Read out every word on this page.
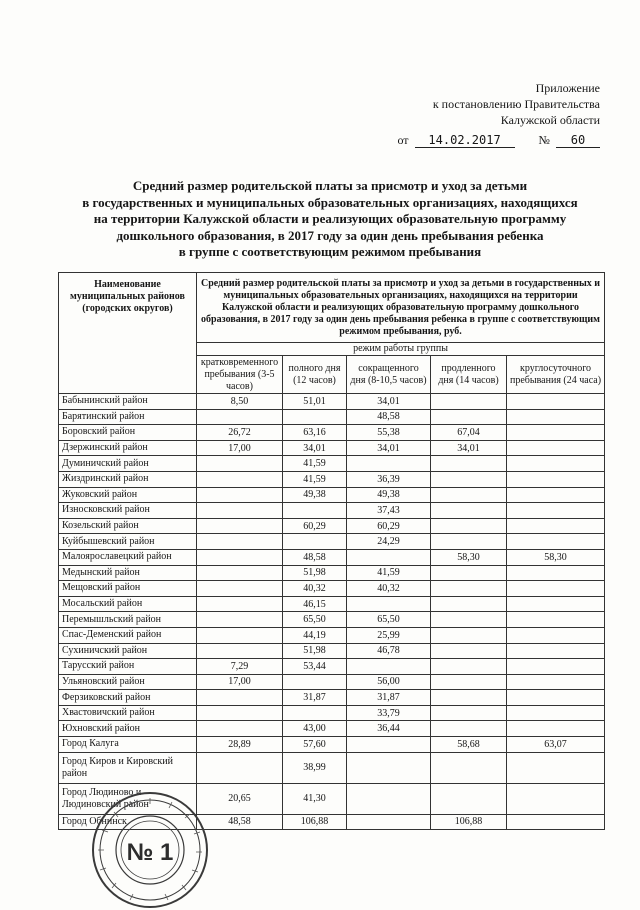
Приложение
к постановлению Правительства
Калужской области
от	14.02.2017	№	60
Средний размер родительской платы за присмотр и уход за детьми
в государственных и муниципальных образовательных организациях, находящихся
на территории Калужской области и реализующих образовательную программу
дошкольного образования, в 2017 году за один день пребывания ребенка
в группе с соответствующим режимом пребывания
Наименование муниципальных районов (городских округов)	Средний размер родительской платы за присмотр и уход за детьми в государственных и муниципальных образовательных организациях, находящихся на территории Калужской области и реализующих образовательную программу дошкольного образования, в 2017 году за один день пребывания ребенка в группе с соответствующим режимом пребывания, руб.				
	режим работы группы				
	кратковременного пребывания (3-5 часов)	полного дня (12 часов)	сокращенного дня (8-10,5 часов)	продленного дня (14 часов)	круглосуточного пребывания (24 часа)
Бабынинский район	8,50	51,01	34,01		
Барятинский район			48,58		
Боровский район	26,72	63,16	55,38	67,04	
Дзержинский район	17,00	34,01	34,01	34,01	
Думиничский район		41,59			
Жиздринский район		41,59	36,39		
Жуковский район		49,38	49,38		
Износковский район			37,43		
Козельский район		60,29	60,29		
Куйбышевский район			24,29		
Малоярославецкий район		48,58		58,30	58,30
Медынский район		51,98	41,59		
Мещовский район		40,32	40,32		
Мосальский район		46,15			
Перемышльский район		65,50	65,50		
Спас-Деменский район		44,19	25,99		
Сухиничский район		51,98	46,78		
Тарусский район	7,29	53,44			
Ульяновский район	17,00		56,00		
Ферзиковский район		31,87	31,87		
Хвастовичский район			33,79		
Юхновский район		43,00	36,44		
Город Калуга	28,89	57,60		58,68	63,07
Город Киров и Кировский район		38,99			
Город Людиново и Людиновский район	20,65	41,30			
Город Обнинск	48,58	106,88		106,88	
№ 1
